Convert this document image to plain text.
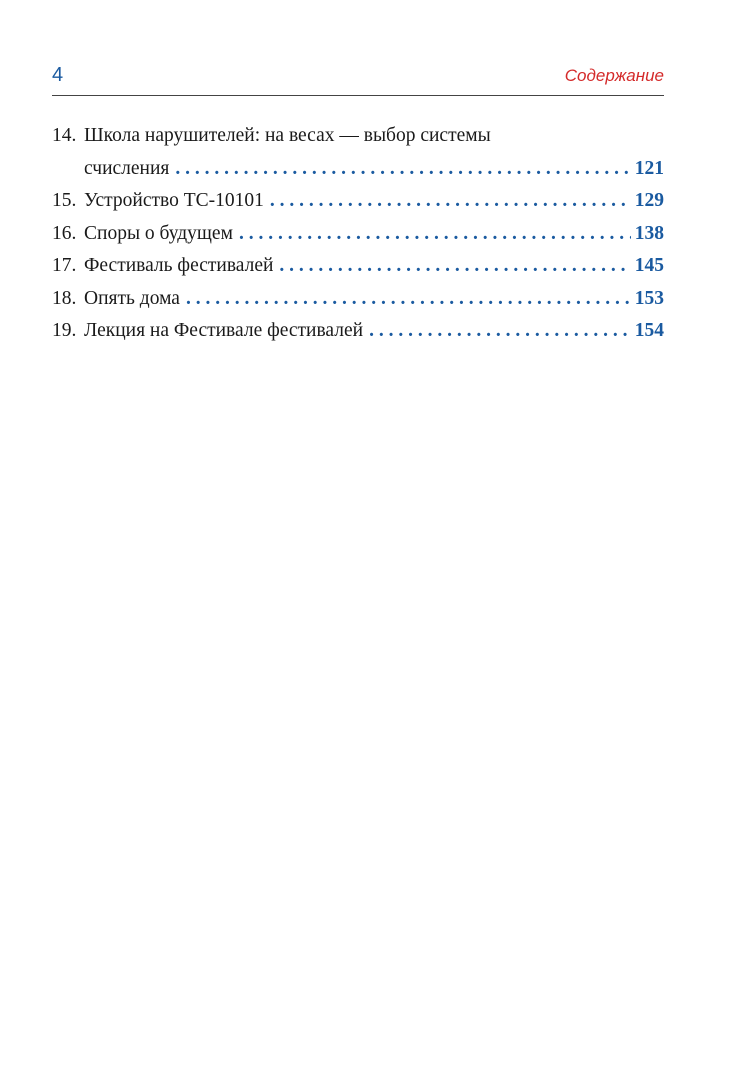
4	Содержание
14. Школа нарушителей: на весах — выбор системы
счисления . . .	121
15. Устройство ТС-10101 . . .	129
16. Споры о будущем . . .	138
17. Фестиваль фестивалей . . .	145
18. Опять дома . . .	153
19. Лекция на Фестивале фестивалей . . .	154
